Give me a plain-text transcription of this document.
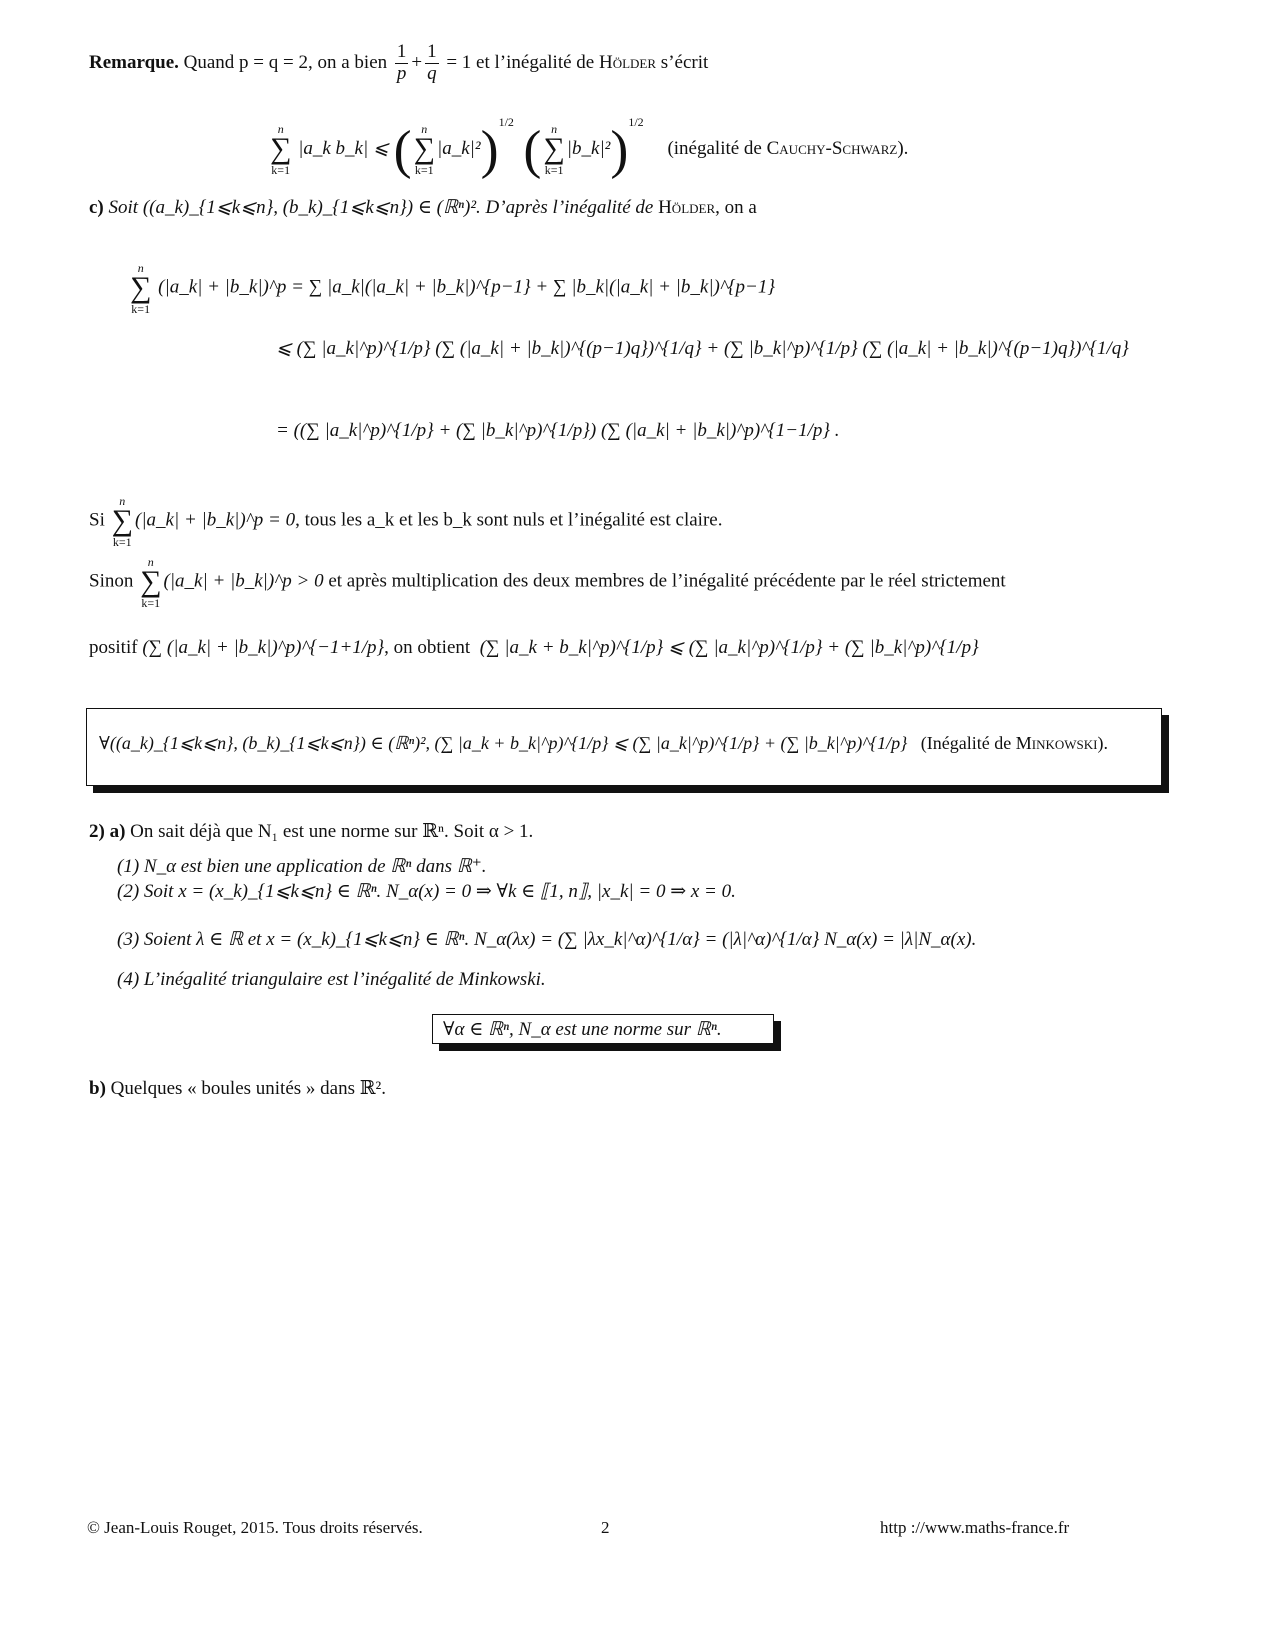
Remarque. Quand p = q = 2, on a bien $\frac{1}{p} + \frac{1}{q} = 1$ et l’inégalité de Hölder s’écrit
n
∑
k=1
|a_k b_k| ⩽ ( n
∑
k=1
|a_k|²)$^{1/2}$ ( n
∑
k=1
|b_k|²)$^{1/2}$     (inégalité de Cauchy-Schwarz).
c) Soit ((a_k)_{1⩽k⩽n}, (b_k)_{1⩽k⩽n}) ∈ (ℝⁿ)². D’après l’inégalité de Hölder, on a
n
∑
k=1
(|a_k| + |b_k|)^p = ∑ |a_k|(|a_k| + |b_k|)^{p−1} + ∑ |b_k|(|a_k| + |b_k|)^{p−1}
⩽ (∑ |a_k|^p)^{1/p} (∑ (|a_k| + |b_k|)^{(p−1)q})^{1/q} + (∑ |b_k|^p)^{1/p} (∑ (|a_k| + |b_k|)^{(p−1)q})^{1/q}
= ((∑ |a_k|^p)^{1/p} + (∑ |b_k|^p)^{1/p}) (∑ (|a_k| + |b_k|)^p)^{1−1/p} .
Si
n
∑
k=1
(|a_k| + |b_k|)^p = 0, tous les a_k et les b_k sont nuls et l’inégalité est claire.
Sinon
n
∑
k=1
(|a_k| + |b_k|)^p > 0 et après multiplication des deux membres de l’inégalité précédente par le réel strictement
positif (∑ (|a_k| + |b_k|)^p)^{−1+1/p}, on obtient (∑ |a_k + b_k|^p)^{1/p} ⩽ (∑ |a_k|^p)^{1/p} + (∑ |b_k|^p)^{1/p}
∀((a_k)_{1⩽k⩽n}, (b_k)_{1⩽k⩽n}) ∈ (ℝⁿ)², (∑ |a_k + b_k|^p)^{1/p} ⩽ (∑ |a_k|^p)^{1/p} + (∑ |b_k|^p)^{1/p} (Inégalité de Minkowski).
2) a) On sait déjà que N₁ est une norme sur ℝⁿ. Soit α > 1.
(1) N_α est bien une application de ℝⁿ dans ℝ⁺.
(2) Soit x = (x_k)_{1⩽k⩽n} ∈ ℝⁿ. N_α(x) = 0 ⇒ ∀k ∈ ⟦1, n⟧, |x_k| = 0 ⇒ x = 0.
(3) Soient λ ∈ ℝ et x = (x_k)_{1⩽k⩽n} ∈ ℝⁿ. N_α(λx) = (∑ |λx_k|^α)^{1/α} = (|λ|^α)^{1/α} N_α(x) = |λ|N_α(x).
(4) L’inégalité triangulaire est l’inégalité de Minkowski.
∀α ∈ ℝⁿ, N_α est une norme sur ℝⁿ.
b) Quelques « boules unités » dans ℝ².
© Jean-Louis Rouget, 2015. Tous droits réservés.	2	http ://www.maths-france.fr
